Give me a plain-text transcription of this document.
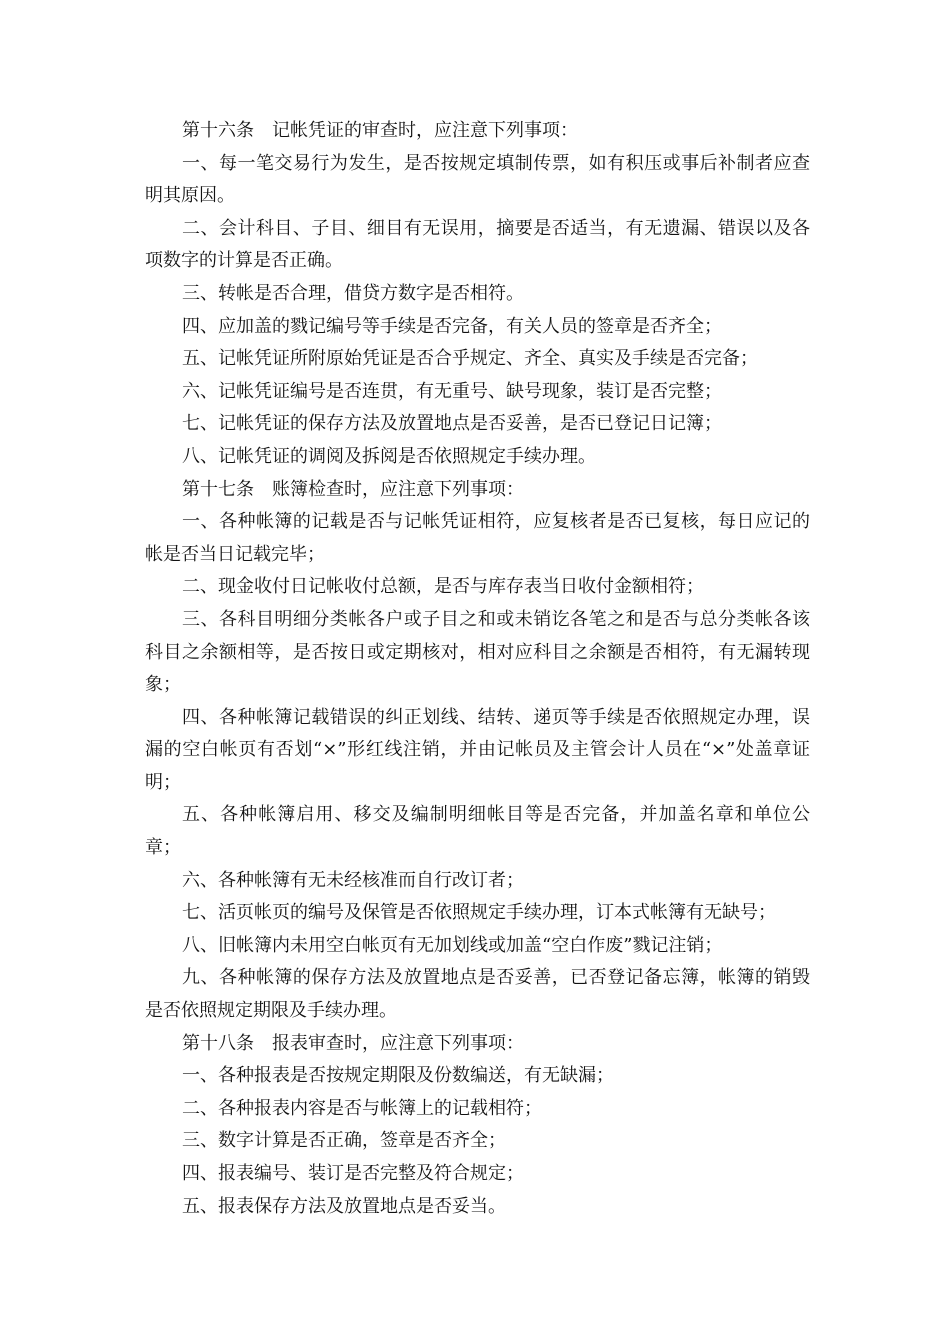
第十六条　记帐凭证的审查时，应注意下列事项：

一、每一笔交易行为发生，是否按规定填制传票，如有积压或事后补制者应查明其原因。

二、会计科目、子目、细目有无误用，摘要是否适当，有无遗漏、错误以及各项数字的计算是否正确。

三、转帐是否合理，借贷方数字是否相符。

四、应加盖的戮记编号等手续是否完备，有关人员的签章是否齐全；

五、记帐凭证所附原始凭证是否合乎规定、齐全、真实及手续是否完备；

六、记帐凭证编号是否连贯，有无重号、缺号现象，装订是否完整；

七、记帐凭证的保存方法及放置地点是否妥善，是否已登记日记簿；

八、记帐凭证的调阅及拆阅是否依照规定手续办理。

第十七条　账簿检查时，应注意下列事项：

一、各种帐簿的记载是否与记帐凭证相符，应复核者是否已复核，每日应记的帐是否当日记载完毕；

二、现金收付日记帐收付总额，是否与库存表当日收付金额相符；

三、各科目明细分类帐各户或子目之和或未销讫各笔之和是否与总分类帐各该科目之余额相等，是否按日或定期核对，相对应科目之余额是否相符，有无漏转现象；

四、各种帐簿记载错误的纠正划线、结转、递页等手续是否依照规定办理，误漏的空白帐页有否划“×”形红线注销，并由记帐员及主管会计人员在“×”处盖章证明；

五、各种帐簿启用、移交及编制明细帐目等是否完备，并加盖名章和单位公章；

六、各种帐簿有无未经核准而自行改订者；

七、活页帐页的编号及保管是否依照规定手续办理，订本式帐簿有无缺号；

八、旧帐簿内未用空白帐页有无加划线或加盖“空白作废”戮记注销；

九、各种帐簿的保存方法及放置地点是否妥善，已否登记备忘簿，帐簿的销毁是否依照规定期限及手续办理。

第十八条　报表审查时，应注意下列事项：

一、各种报表是否按规定期限及份数编送，有无缺漏；

二、各种报表内容是否与帐簿上的记载相符；

三、数字计算是否正确，签章是否齐全；

四、报表编号、装订是否完整及符合规定；

五、报表保存方法及放置地点是否妥当。
